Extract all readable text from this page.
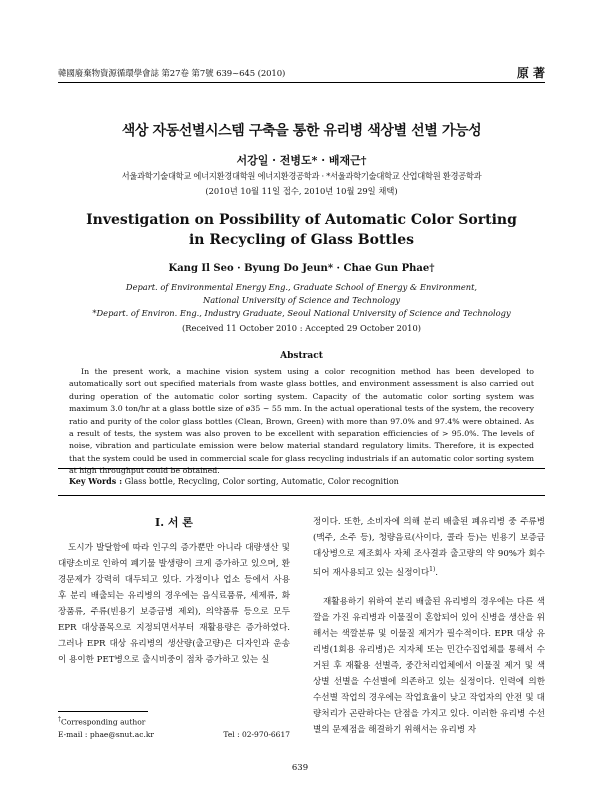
韓國廢棄物資源循環學會誌 第27卷 第7號 639~645 (2010)	原 著
색상 자동선별시스템 구축을 통한 유리병 색상별 선별 가능성
서강일 · 전병도* · 배재근†
서울과학기술대학교 에너지환경대학원 에너지환경공학과 · *서울과학기술대학교 산업대학원 환경공학과
(2010년 10월 11일 접수, 2010년 10월 29일 채택)
Investigation on Possibility of Automatic Color Sorting
in Recycling of Glass Bottles
Kang Il Seo · Byung Do Jeun* · Chae Gun Phae†
Depart. of Environmental Energy Eng., Graduate School of Energy & Environment,
National University of Science and Technology
*Depart. of Environ. Eng., Industry Graduate, Seoul National University of Science and Technology
(Received 11 October 2010 : Accepted 29 October 2010)
Abstract

In the present work, a machine vision system using a color recognition method has been developed to automatically sort out specified materials from waste glass bottles, and environment assessment is also carried out during operation of the automatic color sorting system. Capacity of the automatic color sorting system was maximum 3.0 ton/hr at a glass bottle size of ø35 ~ 55 mm. In the actual operational tests of the system, the recovery ratio and purity of the color glass bottles (Clean, Brown, Green) with more than 97.0% and 97.4% were obtained. As a result of tests, the system was also proven to be excellent with separation efficiencies of > 95.0%. The levels of noise, vibration and particulate emission were below material standard regulatory limits. Therefore, it is expected that the system could be used in commercial scale for glass recycling industrials if an automatic color sorting system at high throughput could be obtained.

Key Words : Glass bottle, Recycling, Color sorting, Automatic, Color recognition
I. 서 론

도시가 발달함에 따라 인구의 증가뿐만 아니라 대량생산 및 대량소비로 인하여 폐기물 발생량이 크게 증가하고 있으며, 환경문제가 강력히 대두되고 있다. 가정이나 업소 등에서 사용 후 분리 배출되는 유리병의 경우에는 음식료품류, 세제류, 화장품류, 주류(빈용기 보증금병 제외), 의약품류 등으로 모두 EPR 대상품목으로 지정되면서부터 재활용량은 증가하였다. 그러나 EPR 대상 유리병의 생산량(출고량)은 디자인과 운송이 용이한 PET병으로 출시비중이 점차 증가하고 있는 실

정이다. 또한, 소비자에 의해 분리 배출된 폐유리병 중 주류병(맥주, 소주 등), 청량음료(사이다, 콜라 등)는 빈용기 보증금 대상병으로 제조회사 자체 조사결과 출고량의 약 90%가 회수되어 재사용되고 있는 실정이다$^{1)}$.

재활용하기 위하여 분리 배출된 유리병의 경우에는 다른 색깔을 가진 유리병과 이물질이 혼합되어 있어 신병을 생산을 위해서는 색깔분류 및 이물질 제거가 필수적이다. EPR 대상 유리병(1회용 유리병)은 지자체 또는 민간수집업체를 통해서 수거된 후 재활용 선별즉, 중간처리업체에서 이물질 제거 및 색상별 선별을 수선별에 의존하고 있는 실정이다. 인력에 의한 수선별 작업의 경우에는 작업효율이 낮고 작업자의 안전 및 대량처리가 곤란하다는 단점을 가지고 있다. 이러한 유리병 수선별의 문제점을 해결하기 위해서는 유리병 자

†Corresponding author
E-mail : phae@snut.ac.kr	Tel : 02-970-6617
639
